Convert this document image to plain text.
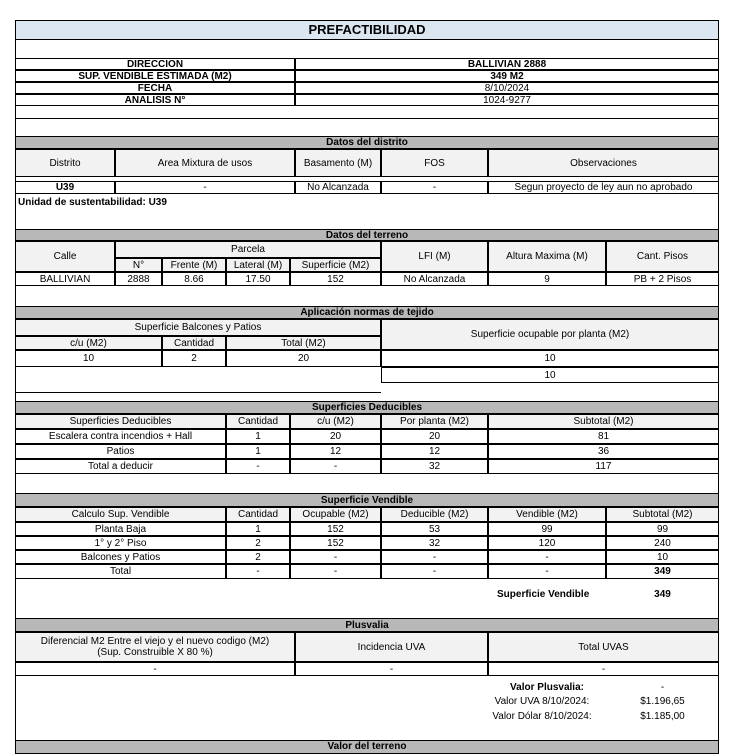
PREFACTIBILIDAD
DIRECCION	BALLIVIAN 2888
SUP. VENDIBLE ESTIMADA (M2)	349 M2
FECHA	8/10/2024
ANALISIS N°	1024-9277
Datos del distrito
Distrito	Area Mixtura de usos	Basamento (M)	FOS	Observaciones
U39	-	No Alcanzada	-	Segun proyecto de ley aun no aprobado
Unidad de sustentabilidad: U39
Datos del terreno
Calle
Parcela
N°	Frente (M)	Lateral (M)	Superficie (M2)
LFI (M)	Altura Maxima (M)	Cant. Pisos
BALLIVIAN	2888	8.66	17.50	152	No Alcanzada	9	PB + 2 Pisos
Aplicación normas de tejido
Superficie Balcones y Patios
c/u (M2)	Cantidad	Total (M2)
Superficie ocupable por planta (M2)
10	2	20	10
10
Superficies Deducibles
Superficies Deducibles	Cantidad	c/u (M2)	Por planta (M2)	Subtotal (M2)
Escalera contra incendios + Hall	1	20	20	81
Patios	1	12	12	36
Total a deducir	-	-	32	117
Superficie Vendible
Calculo Sup. Vendible	Cantidad	Ocupable (M2)	Deducible (M2)	Vendible (M2)	Subtotal (M2)
Planta Baja	1	152	53	99	99
1° y 2° Piso	2	152	32	120	240
Balcones y Patios	2	-	-	-	10
Total	-	-	-	-	349
Superficie Vendible	349
Plusvalia
Diferencial M2 Entre el viejo y el nuevo codigo (M2)
(Sup. Construible X 80 %)	Incidencia UVA	Total UVAS
-	-	-
Valor Plusvalia:	-
Valor UVA 8/10/2024:	$1.196,65
Valor Dólar 8/10/2024:	$1.185,00
Valor del terreno
